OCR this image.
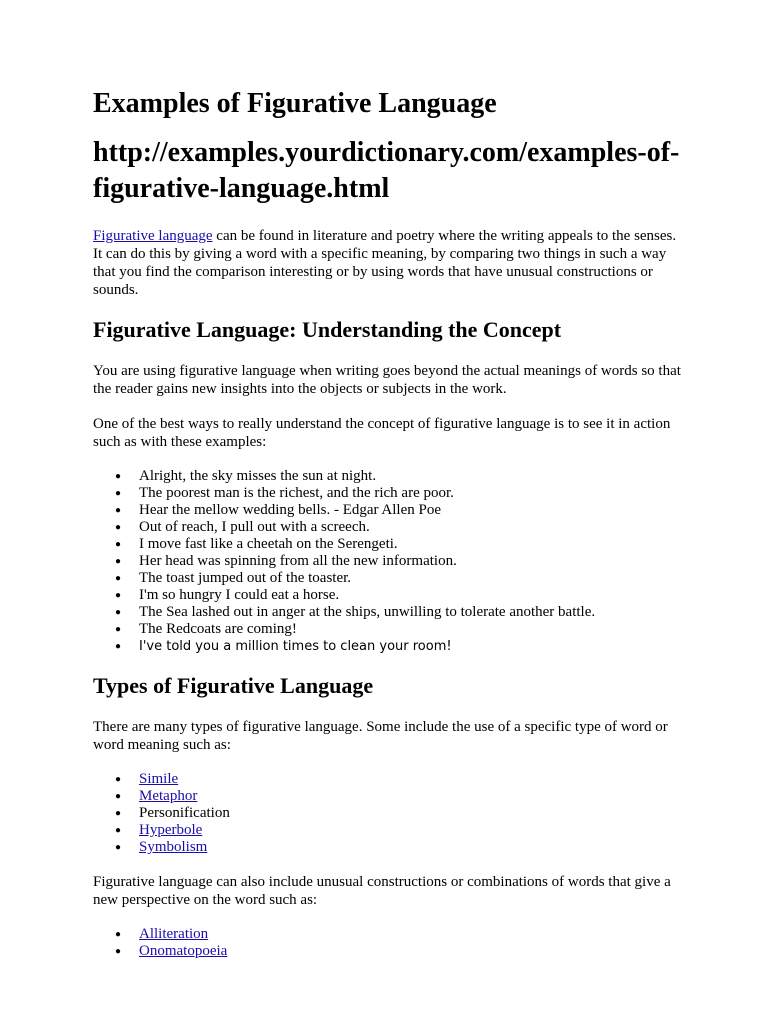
Examples of Figurative Language
http://examples.yourdictionary.com/examples-of-figurative-language.html

Figurative language can be found in literature and poetry where the writing appeals to the senses. It can do this by giving a word with a specific meaning, by comparing two things in such a way that you find the comparison interesting or by using words that have unusual constructions or sounds.

Figurative Language: Understanding the Concept

You are using figurative language when writing goes beyond the actual meanings of words so that the reader gains new insights into the objects or subjects in the work.

One of the best ways to really understand the concept of figurative language is to see it in action such as with these examples:

● Alright, the sky misses the sun at night.
● The poorest man is the richest, and the rich are poor.
● Hear the mellow wedding bells. - Edgar Allen Poe
● Out of reach, I pull out with a screech.
● I move fast like a cheetah on the Serengeti.
● Her head was spinning from all the new information.
● The toast jumped out of the toaster.
● I'm so hungry I could eat a horse.
● The Sea lashed out in anger at the ships, unwilling to tolerate another battle.
● The Redcoats are coming!
● I've told you a million times to clean your room!
Types of Figurative Language

There are many types of figurative language. Some include the use of a specific type of word or word meaning such as:

● Simile
● Metaphor
● Personification
● Hyperbole
● Symbolism

Figurative language can also include unusual constructions or combinations of words that give a new perspective on the word such as:

● Alliteration
● Onomatopoeia
